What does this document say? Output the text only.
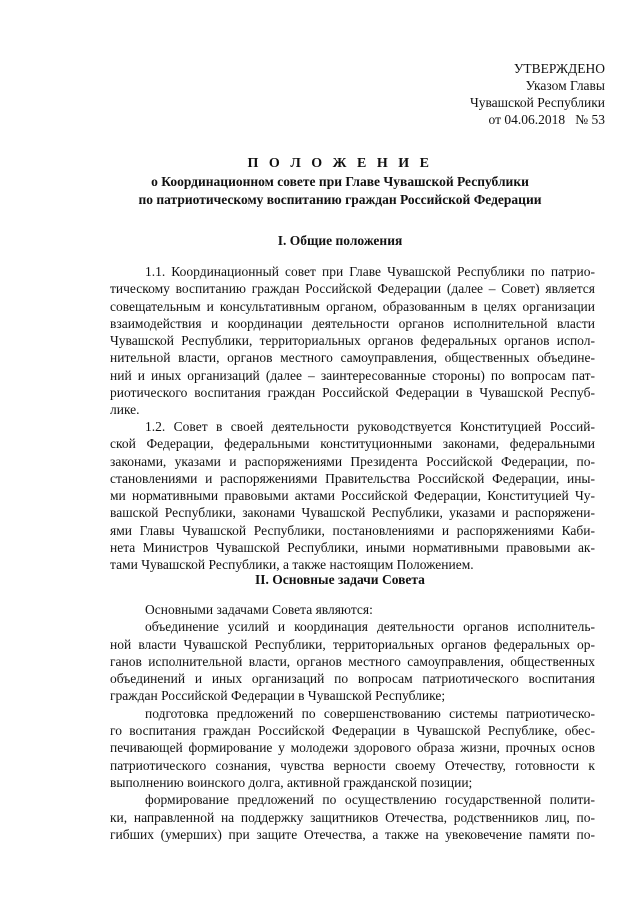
УТВЕРЖДЕНО
Указом Главы
Чувашской Республики
от 04.06.2018   № 53
П О Л О Ж Е Н И Е
о Координационном совете при Главе Чувашской Республики
по патриотическому воспитанию граждан Российской Федерации
I. Общие положения
1.1. Координационный совет при Главе Чувашской Республики по патрио-
тическому воспитанию граждан Российской Федерации (далее – Совет) является
совещательным и консультативным органом, образованным в целях организации
взаимодействия и координации деятельности органов исполнительной власти
Чувашской Республики, территориальных органов федеральных органов испол-
нительной власти, органов местного самоуправления, общественных объедине-
ний и иных организаций (далее – заинтересованные стороны) по вопросам пат-
риотического воспитания граждан Российской Федерации в Чувашской Респуб-
лике.
1.2. Совет в своей деятельности руководствуется Конституцией Россий-
ской Федерации, федеральными конституционными законами, федеральными
законами, указами и распоряжениями Президента Российской Федерации, по-
становлениями и распоряжениями Правительства Российской Федерации, ины-
ми нормативными правовыми актами Российской Федерации, Конституцией Чу-
вашской Республики, законами Чувашской Республики, указами и распоряжени-
ями Главы Чувашской Республики, постановлениями и распоряжениями Каби-
нета Министров Чувашской Республики, иными нормативными правовыми ак-
тами Чувашской Республики, а также настоящим Положением.
II. Основные задачи Совета
Основными задачами Совета являются:
объединение усилий и координация деятельности органов исполнитель-
ной власти Чувашской Республики, территориальных органов федеральных ор-
ганов исполнительной власти, органов местного самоуправления, общественных
объединений и иных организаций по вопросам патриотического воспитания
граждан Российской Федерации в Чувашской Республике;
подготовка предложений по совершенствованию системы патриотическо-
го воспитания граждан Российской Федерации в Чувашской Республике, обес-
печивающей формирование у молодежи здорового образа жизни, прочных основ
патриотического сознания, чувства верности своему Отечеству, готовности к
выполнению воинского долга, активной гражданской позиции;
формирование предложений по осуществлению государственной полити-
ки, направленной на поддержку защитников Отечества, родственников лиц, по-
гибших (умерших) при защите Отечества, а также на увековечение памяти по-
